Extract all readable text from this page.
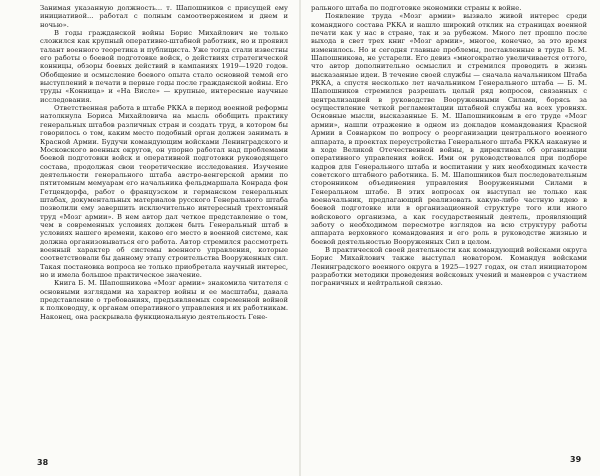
Занимая указанную должность... т. Шапошников с присущей ему инициативой... работал с полным самоотвержением и днем и ночью».

В годы гражданской войны Борис Михайлович не только сложился как крупный оперативно-штабной работник, но и проявил талант военного теоретика и публициста. Уже тогда стали известны его работы о боевой подготовке войск, о действиях стратегической конницы, обзоры боевых действий в кампаниях 1919—1920 годов. Обобщение и осмысление боевого опыта стало основной темой его выступлений в печати в первые годы после гражданской войны. Его труды «Конница» и «На Висле» — крупные, интересные научные исследования.

Ответственная работа в штабе РККА в период военной реформы натолкнула Бориса Михайловича на мысль обобщить практику генеральных штабов различных стран и создать труд, в котором бы говорилось о том, каким место подобный орган должен занимать в Красной Армии. Будучи командующим войсками Ленинградского и Московского военных округов, он упорно работал над проблемами боевой подготовки войск и оперативной подготовки руководящего состава, продолжая свои теоретические исследования. Изучение деятельности генерального штаба австро-венгерской армии по пятитомным мемуарам его начальника фельдмаршала Конрада фон Гетцендорфа, работ о французском и германском генеральных штабах, документальных материалов русского Генерального штаба позволили ему завершить исключительно интересный трехтомный труд «Мозг армии». В нем автор дал четкое представление о том, чем в современных условиях должен быть Генеральный штаб в условиях нашего времени, каково его место в военной системе, как должна организовываться его работа. Автор стремился рассмотреть военный характер об системы военного управления, которые соответствовали бы данному этапу строительства Вооруженных сил. Такая постановка вопроса не только приобретала научный интерес, но и имела большое практическое значение.

Книга Б. М. Шапошникова «Мозг армии» знакомила читателя с основными взглядами на характер войны и ее масштабы, давала представление о требованиях, предъявляемых современной войной к полководцу, к органам оперативного управления и их работникам. Наконец, она раскрывала функциональную деятельность Гене-

38

рального штаба по подготовке экономики страны к войне.

Появление труда «Мозг армии» вызвало живой интерес среди командного состава РККА и нашло широкий отклик на страницах военной печати как у нас в стране, так и за рубежом. Много лет прошло после выхода в свет трех книг «Мозг армии», многое, конечно, за это время изменилось. Но и сегодня главные проблемы, поставленные в труде Б. М. Шапошникова, не устарели. Его девиз «многократно увеличивается оттого, что автор дополнительно осмыслил и стремился проводить в жизнь высказанные идеи. В течение своей службы — сначала начальником Штаба РККА, а спустя несколько лет начальником Генерального штаба — Б. М. Шапошников стремился разрешать целый ряд вопросов, связанных с централизацией в руководстве Вооруженными Силами, борясь за осуществление четкой регламентации штабной службы на всех уровнях. Основные мысли, высказанные Б. М. Шапошниковым в его труде «Мозг армии», нашли отражение в одном из докладов командования Красной Армии в Совнарком по вопросу о реорганизации центрального военного аппарата, в проектах переустройства Генерального штаба РККА накануне и в ходе Великой Отечественной войны, в директивах об организации оперативного управления войск. Ими он руководствовался при подборе кадров для Генерального штаба и воспитании у них необходимых качеств советского штабного работника. Б. М. Шапошников был последовательным сторонником объединения управления Вооруженными Силами в Генеральном штабе. В этих вопросах он выступал не только как военачальник, предлагающий реализовать какую-либо частную идею в боевой подготовке или в организационной структуре того или иного войскового организма, а как государственный деятель, проявляющий заботу о необходимом пересмотре взглядов на всю структуру работы аппарата верховного командования и его роль в руководстве жизнью и боевой деятельностью Вооруженных Сил в целом.

В практической своей деятельности как командующий войсками округа Борис Михайлович также выступал новатором. Командуя войсками Ленинградского военного округа в 1925—1927 годах, он стал инициатором разработки методики проведения войсковых учений и маневров с участием пограничных и нейтральной связью.

39
